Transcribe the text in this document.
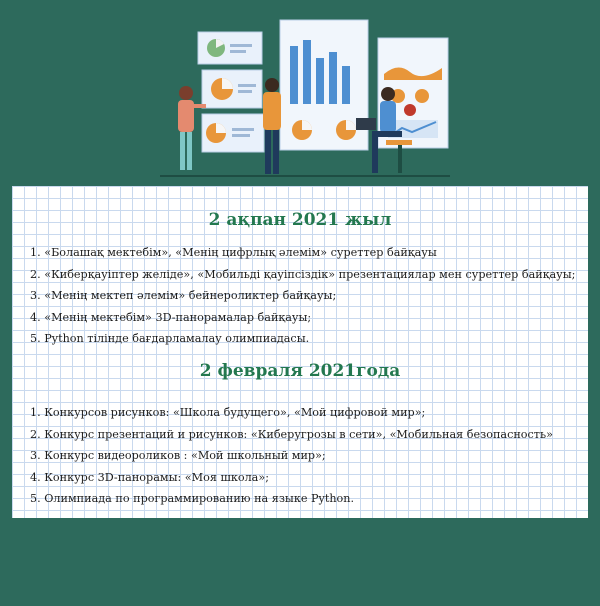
2 ақпан 2021 жыл
1. «Болашақ мектебім», «Менің цифрлық әлемім» суреттер байқауы
2. «Киберқауіптер желіде», «Мобильді қауіпсіздік» презентациялар мен суреттер байқауы;
3. «Менің мектеп әлемім» бейнероликтер байқауы;
4. «Менің мектебім» 3D-панорамалар байқауы;
5. Python тілінде бағдарламалау олимпиадасы.
2 февраля 2021года
1. Конкурсов рисунков: «Школа будущего», «Мой цифровой мир»;
2. Конкурс презентаций и рисунков: «Киберугрозы в сети», «Мобильная безопасность»
3. Конкурс видеороликов : «Мой школьный мир»;
4. Конкурс 3D-панорамы: «Моя школа»;
5. Олимпиада по программированию на языке Python.
